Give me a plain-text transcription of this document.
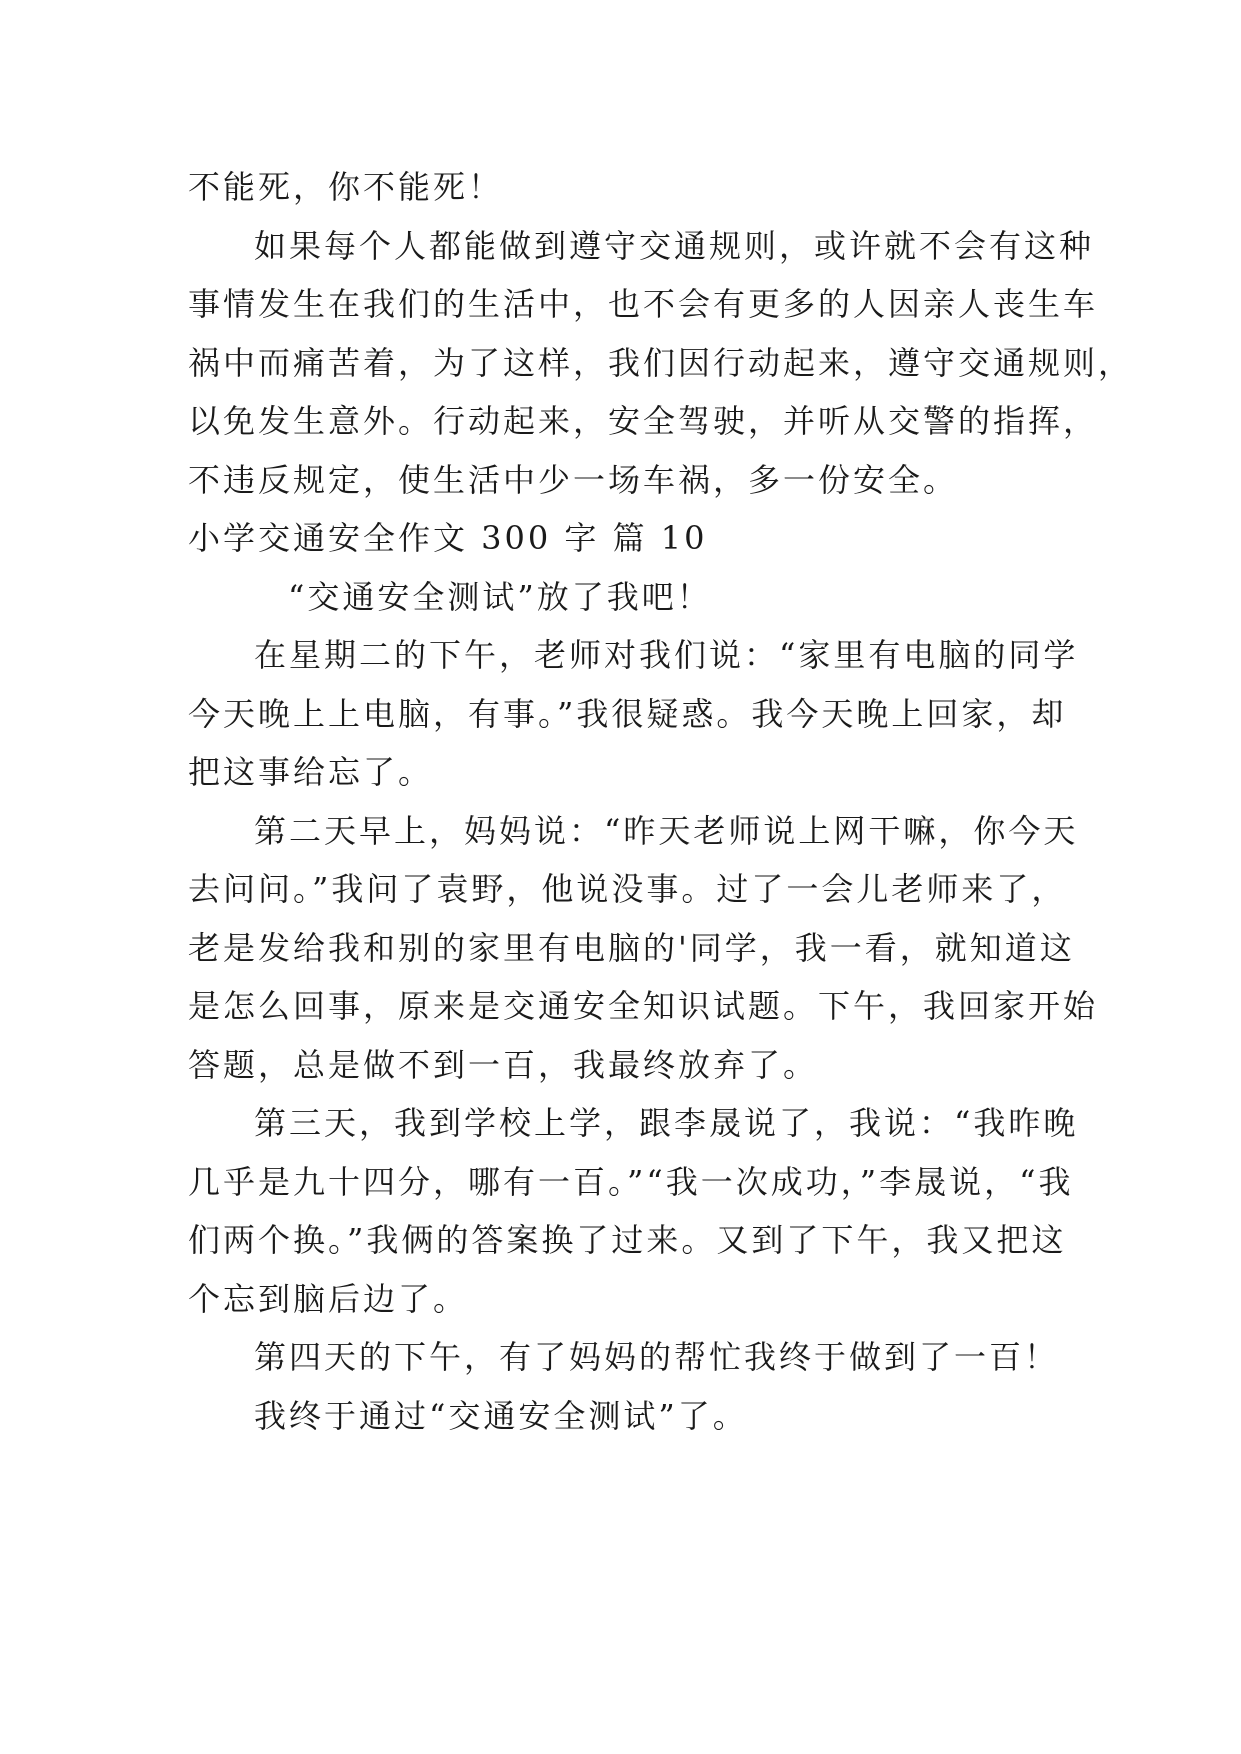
不能死，你不能死！
如果每个人都能做到遵守交通规则，或许就不会有这种
事情发生在我们的生活中，也不会有更多的人因亲人丧生车
祸中而痛苦着，为了这样，我们因行动起来，遵守交通规则，
以免发生意外。行动起来，安全驾驶，并听从交警的指挥，
不违反规定，使生活中少一场车祸，多一份安全。
小学交通安全作文 300 字 篇 10
“交通安全测试”放了我吧！
在星期二的下午，老师对我们说：“家里有电脑的同学
今天晚上上电脑，有事。”我很疑惑。我今天晚上回家，却
把这事给忘了。
第二天早上，妈妈说：“昨天老师说上网干嘛，你今天
去问问。”我问了袁野，他说没事。过了一会儿老师来了，
老是发给我和别的家里有电脑的'同学，我一看，就知道这
是怎么回事，原来是交通安全知识试题。下午，我回家开始
答题，总是做不到一百，我最终放弃了。
第三天，我到学校上学，跟李晟说了，我说：“我昨晚
几乎是九十四分，哪有一百。”“我一次成功，”李晟说，“我
们两个换。”我俩的答案换了过来。又到了下午，我又把这
个忘到脑后边了。
第四天的下午，有了妈妈的帮忙我终于做到了一百！
我终于通过“交通安全测试”了。
